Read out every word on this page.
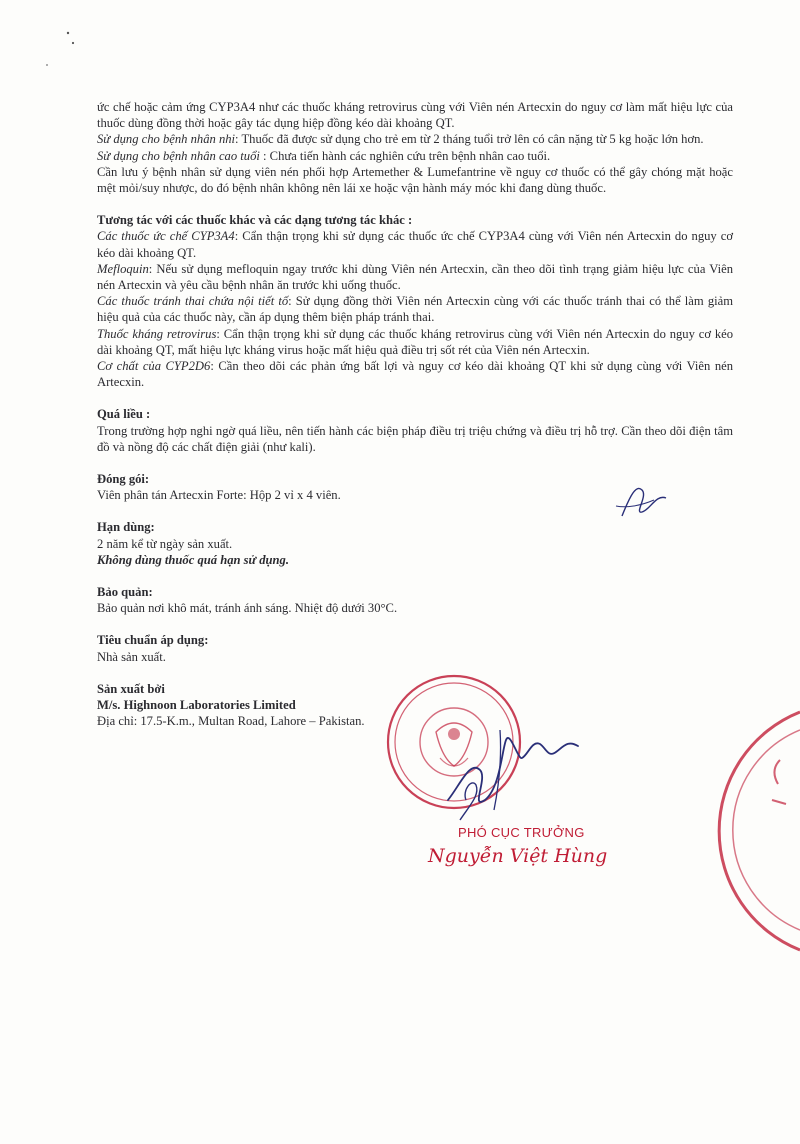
ức chế hoặc cảm ứng CYP3A4 như các thuốc kháng retrovirus cùng với Viên nén Artecxin do nguy cơ làm mất hiệu lực của thuốc dùng đồng thời hoặc gây tác dụng hiệp đồng kéo dài khoảng QT.

Sử dụng cho bệnh nhân nhi: Thuốc đã được sử dụng cho trẻ em từ 2 tháng tuổi trở lên có cân nặng từ 5 kg hoặc lớn hơn.

Sử dụng cho bệnh nhân cao tuổi : Chưa tiến hành các nghiên cứu trên bệnh nhân cao tuổi.

Cần lưu ý bệnh nhân sử dụng viên nén phối hợp Artemether & Lumefantrine về nguy cơ thuốc có thể gây chóng mặt hoặc mệt mỏi/suy nhược, do đó bệnh nhân không nên lái xe hoặc vận hành máy móc khi đang dùng thuốc.

Tương tác với các thuốc khác và các dạng tương tác khác :

Các thuốc ức chế CYP3A4: Cẩn thận trọng khi sử dụng các thuốc ức chế CYP3A4 cùng với Viên nén Artecxin do nguy cơ kéo dài khoảng QT.

Mefloquin: Nếu sử dụng mefloquin ngay trước khi dùng Viên nén Artecxin, cần theo dõi tình trạng giảm hiệu lực của Viên nén Artecxin và yêu cầu bệnh nhân ăn trước khi uống thuốc.

Các thuốc tránh thai chứa nội tiết tố: Sử dụng đồng thời Viên nén Artecxin cùng với các thuốc tránh thai có thể làm giảm hiệu quả của các thuốc này, cần áp dụng thêm biện pháp tránh thai.

Thuốc kháng retrovirus: Cẩn thận trọng khi sử dụng các thuốc kháng retrovirus cùng với Viên nén Artecxin do nguy cơ kéo dài khoảng QT, mất hiệu lực kháng virus hoặc mất hiệu quả điều trị sốt rét của Viên nén Artecxin.

Cơ chất của CYP2D6: Cần theo dõi các phản ứng bất lợi và nguy cơ kéo dài khoảng QT khi sử dụng cùng với Viên nén Artecxin.

Quá liều :

Trong trường hợp nghi ngờ quá liều, nên tiến hành các biện pháp điều trị triệu chứng và điều trị hỗ trợ. Cần theo dõi điện tâm đồ và nồng độ các chất điện giải (như kali).

Đóng gói:

Viên phân tán Artecxin Forte: Hộp 2 vỉ x 4 viên.

Hạn dùng:

2 năm kể từ ngày sản xuất.

Không dùng thuốc quá hạn sử dụng.

Bảo quản:

Bảo quản nơi khô mát, tránh ánh sáng. Nhiệt độ dưới 30°C.

Tiêu chuẩn áp dụng:

Nhà sản xuất.

Sản xuất bởi

M/s. Highnoon Laboratories Limited

Địa chỉ: 17.5-K.m., Multan Road, Lahore – Pakistan.

PHÓ CỤC TRƯỞNG
Nguyễn Việt Hùng
